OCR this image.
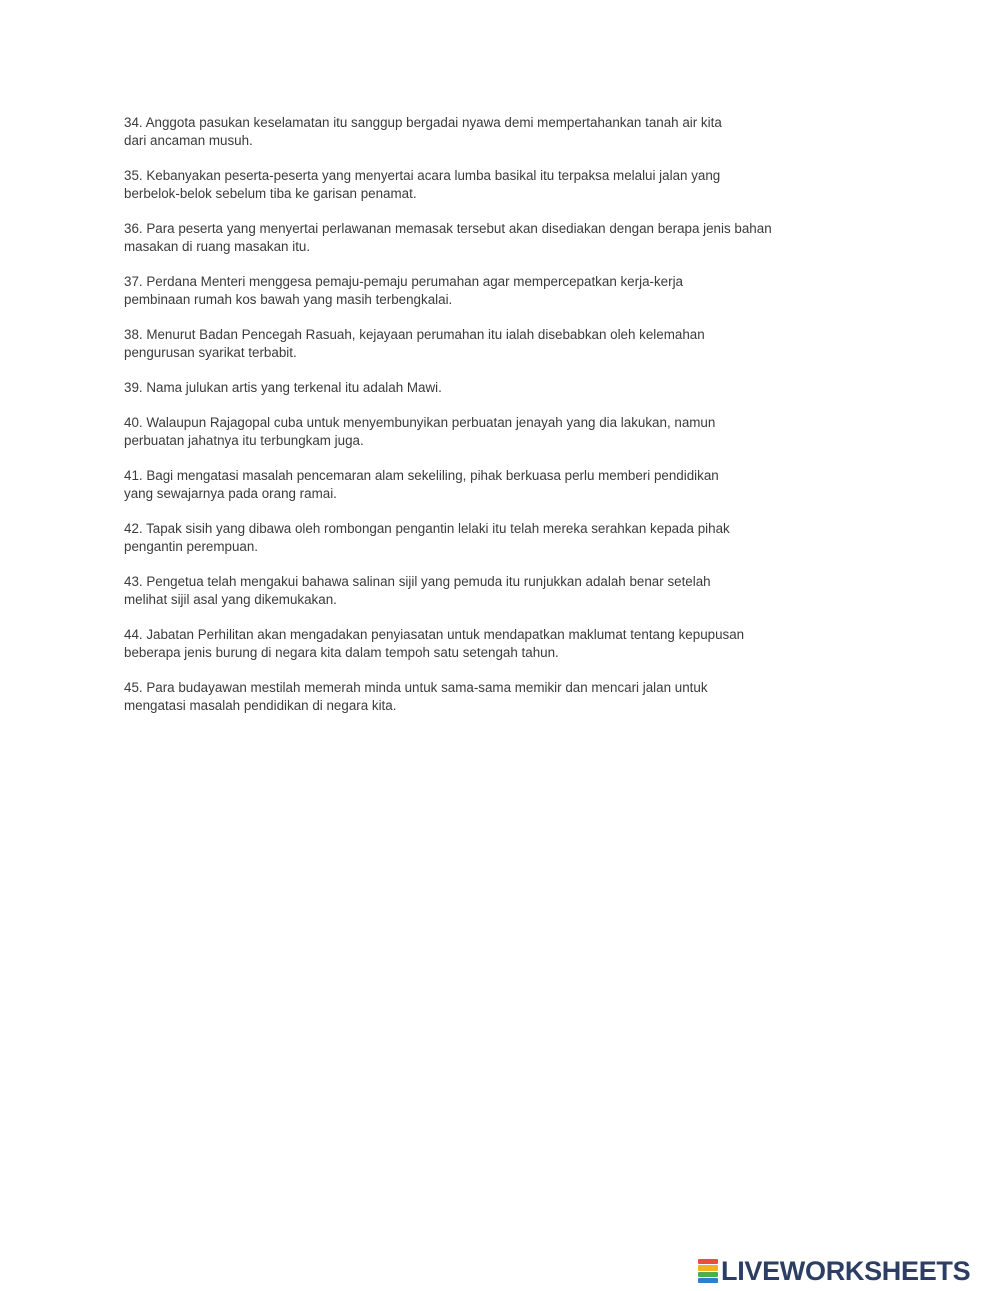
34. Anggota pasukan keselamatan itu sanggup bergadai nyawa demi mempertahankan tanah air kita
dari ancaman musuh.
35. Kebanyakan peserta-peserta yang menyertai acara lumba basikal itu terpaksa melalui jalan yang
berbelok-belok sebelum tiba ke garisan penamat.
36. Para peserta yang menyertai perlawanan memasak tersebut akan disediakan dengan berapa jenis bahan
masakan di ruang masakan itu.
37. Perdana Menteri menggesa pemaju-pemaju perumahan agar mempercepatkan kerja-kerja
pembinaan rumah kos bawah yang masih terbengkalai.
38. Menurut Badan Pencegah Rasuah, kejayaan perumahan itu ialah disebabkan oleh kelemahan
pengurusan syarikat terbabit.
39. Nama julukan artis yang terkenal itu adalah Mawi.
40. Walaupun Rajagopal cuba untuk menyembunyikan perbuatan jenayah yang dia lakukan, namun
perbuatan jahatnya itu terbungkam juga.
41. Bagi mengatasi masalah pencemaran alam sekeliling, pihak berkuasa perlu memberi pendidikan
yang sewajarnya pada orang ramai.
42. Tapak sisih yang dibawa oleh rombongan pengantin lelaki itu telah mereka serahkan kepada pihak
pengantin perempuan.
43. Pengetua telah mengakui bahawa salinan sijil yang pemuda itu runjukkan adalah benar setelah
melihat sijil asal yang dikemukakan.
44. Jabatan Perhilitan akan mengadakan penyiasatan untuk mendapatkan maklumat tentang kepupusan
beberapa jenis burung di negara kita dalam tempoh satu setengah tahun.
45. Para budayawan mestilah memerah minda untuk sama-sama memikir dan mencari jalan untuk
mengatasi masalah pendidikan di negara kita.
LIVEWORKSHEETS
